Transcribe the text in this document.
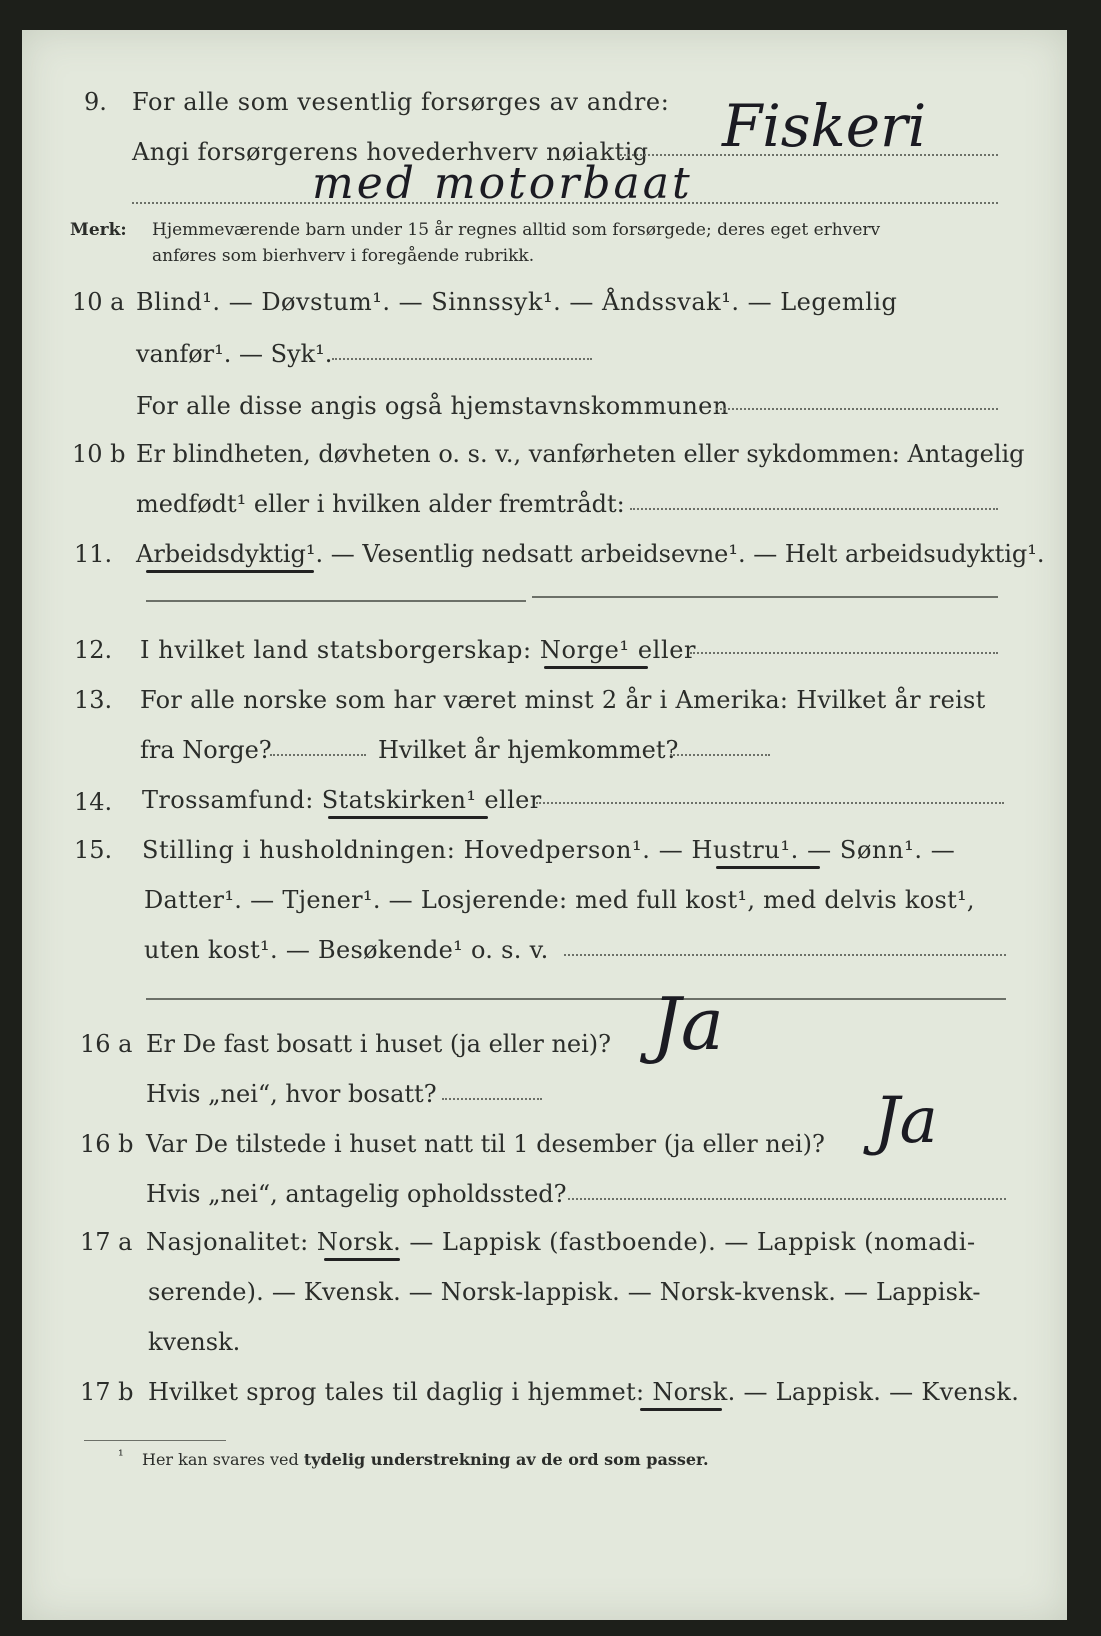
9. For alle som vesentlig forsørges av andre:
Angi forsørgerens hovederhverv nøiaktig Fiskeri
med motorbaat
Merk: Hjemmeværende barn under 15 år regnes alltid som forsørgede; deres eget erhverv
anføres som bierhverv i foregående rubrikk.
10 a Blind¹. — Døvstum¹. — Sinnssyk¹. — Åndssvak¹. — Legemlig
vanfør¹. — Syk¹.
For alle disse angis også hjemstavnskommunen
10 b Er blindheten, døvheten o. s. v., vanførheten eller sykdommen: Antagelig
medfødt¹ eller i hvilken alder fremtrådt:
11. Arbeidsdyktig¹. — Vesentlig nedsatt arbeidsevne¹. — Helt arbeidsudyktig¹.
12. I hvilket land statsborgerskap: Norge¹ eller
13. For alle norske som har været minst 2 år i Amerika: Hvilket år reist
fra Norge?	Hvilket år hjemkommet?
14. Trossamfund: Statskirken¹ eller
15. Stilling i husholdningen: Hovedperson¹. — Hustru¹. — Sønn¹. —
Datter¹. — Tjener¹. — Losjerende: med full kost¹, med delvis kost¹,
uten kost¹. — Besøkende¹ o. s. v.
16 a Er De fast bosatt i huset (ja eller nei)?
Hvis „nei“, hvor bosatt?
Ja
16 b Var De tilstede i huset natt til 1 desember (ja eller nei)? Ja
Hvis „nei“, antagelig opholdssted?
17 a Nasjonalitet: Norsk. — Lappisk (fastboende). — Lappisk (nomadi-
serende). — Kvensk. — Norsk-lappisk. — Norsk-kvensk. — Lappisk-
kvensk.
17 b Hvilket sprog tales til daglig i hjemmet: Norsk. — Lappisk. — Kvensk.
¹ Her kan svares ved tydelig understrekning av de ord som passer.
